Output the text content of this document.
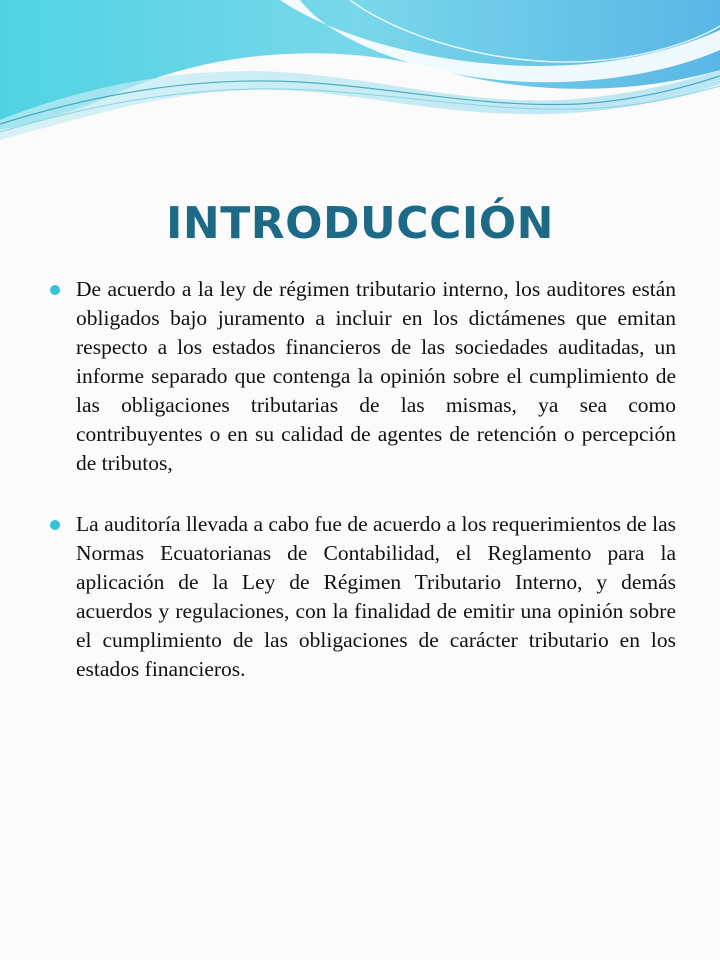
INTRODUCCIÓN

De acuerdo a la ley de régimen tributario interno, los auditores están obligados bajo juramento a incluir en los dictámenes que emitan respecto a los estados financieros de las sociedades auditadas, un informe separado que contenga la opinión sobre el cumplimiento de las obligaciones tributarias de las mismas, ya sea como contribuyentes o en su calidad de agentes de retención o percepción de tributos,

La auditoría llevada a cabo fue de acuerdo a los requerimientos de las Normas Ecuatorianas de Contabilidad, el Reglamento para la aplicación de la Ley de Régimen Tributario Interno, y demás acuerdos y regulaciones, con la finalidad de emitir una opinión sobre el cumplimiento de las obligaciones de carácter tributario en los estados financieros.
